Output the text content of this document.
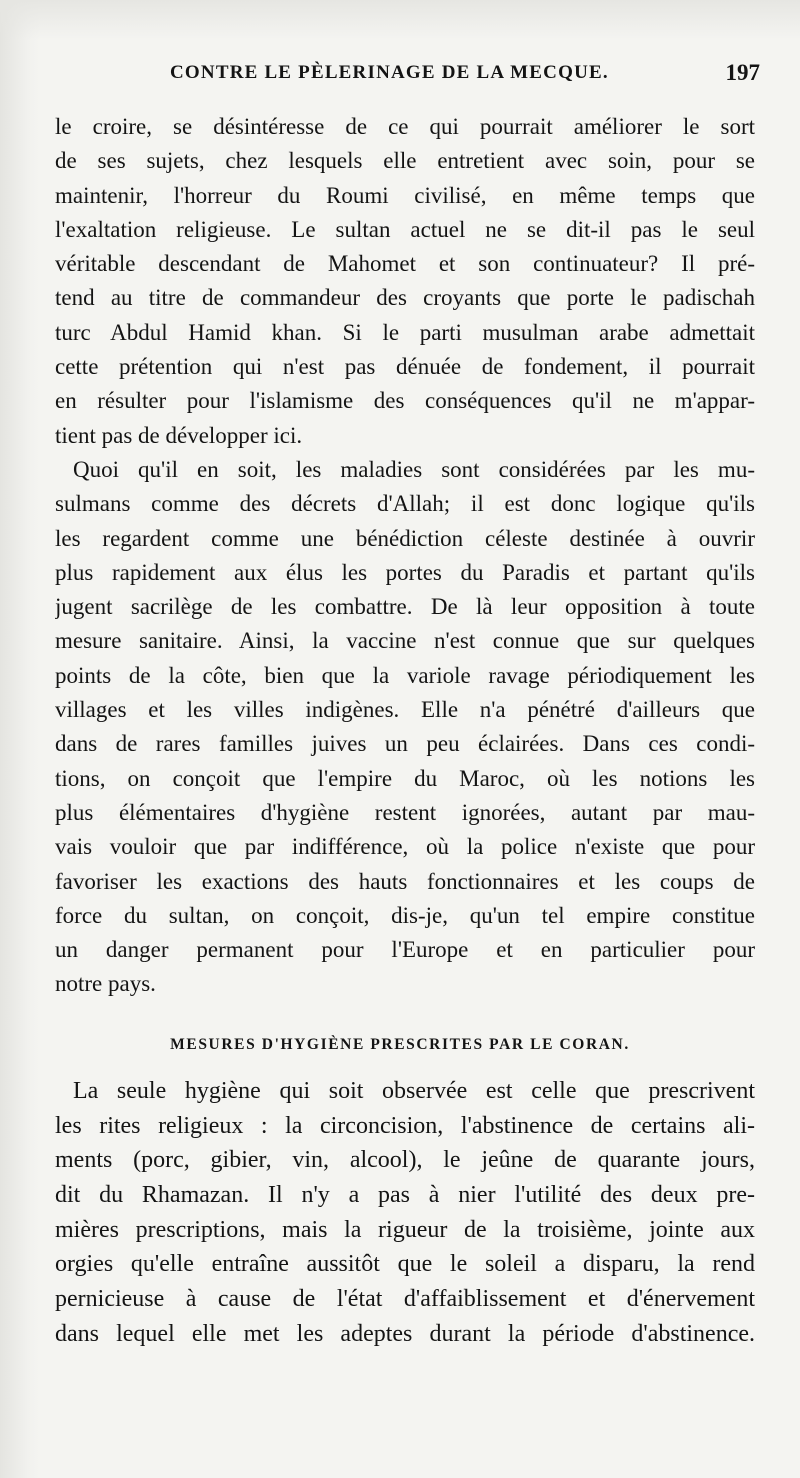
CONTRE LE PÈLERINAGE DE LA MECQUE.	197
le croire, se désintéresse de ce qui pourrait améliorer le sort
de ses sujets, chez lesquels elle entretient avec soin, pour se
maintenir, l'horreur du Roumi civilisé, en même temps que
l'exaltation religieuse. Le sultan actuel ne se dit-il pas le seul
véritable descendant de Mahomet et son continuateur? Il pré-
tend au titre de commandeur des croyants que porte le padischah
turc Abdul Hamid khan. Si le parti musulman arabe admettait
cette prétention qui n'est pas dénuée de fondement, il pourrait
en résulter pour l'islamisme des conséquences qu'il ne m'appar-
tient pas de développer ici.
Quoi qu'il en soit, les maladies sont considérées par les mu-
sulmans comme des décrets d'Allah; il est donc logique qu'ils
les regardent comme une bénédiction céleste destinée à ouvrir
plus rapidement aux élus les portes du Paradis et partant qu'ils
jugent sacrilège de les combattre. De là leur opposition à toute
mesure sanitaire. Ainsi, la vaccine n'est connue que sur quelques
points de la côte, bien que la variole ravage périodiquement les
villages et les villes indigènes. Elle n'a pénétré d'ailleurs que
dans de rares familles juives un peu éclairées. Dans ces condi-
tions, on conçoit que l'empire du Maroc, où les notions les
plus élémentaires d'hygiène restent ignorées, autant par mau-
vais vouloir que par indifférence, où la police n'existe que pour
favoriser les exactions des hauts fonctionnaires et les coups de
force du sultan, on conçoit, dis-je, qu'un tel empire constitue
un danger permanent pour l'Europe et en particulier pour
notre pays.
MESURES D'HYGIÈNE PRESCRITES PAR LE CORAN.
La seule hygiène qui soit observée est celle que prescrivent
les rites religieux : la circoncision, l'abstinence de certains ali-
ments (porc, gibier, vin, alcool), le jeûne de quarante jours,
dit du Rhamazan. Il n'y a pas à nier l'utilité des deux pre-
mières prescriptions, mais la rigueur de la troisième, jointe aux
orgies qu'elle entraîne aussitôt que le soleil a disparu, la rend
pernicieuse à cause de l'état d'affaiblissement et d'énervement
dans lequel elle met les adeptes durant la période d'abstinence.
